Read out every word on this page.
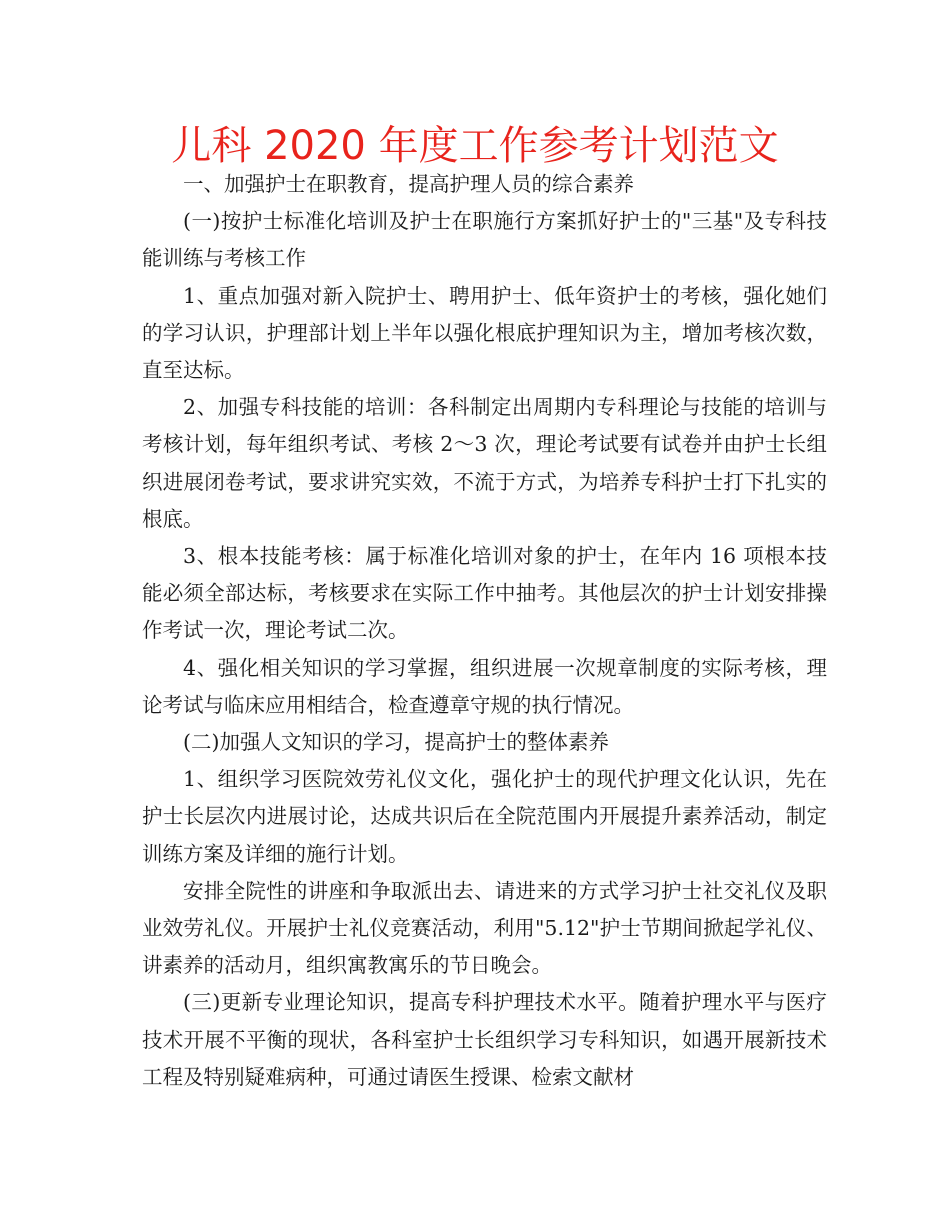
儿科 2020 年度工作参考计划范文

一、加强护士在职教育，提高护理人员的综合素养

(一)按护士标准化培训及护士在职施行方案抓好护士的"三基"及专科技能训练与考核工作

1、重点加强对新入院护士、聘用护士、低年资护士的考核，强化她们的学习认识，护理部计划上半年以强化根底护理知识为主，增加考核次数，直至达标。

2、加强专科技能的培训：各科制定出周期内专科理论与技能的培训与考核计划，每年组织考试、考核 2～3 次，理论考试要有试卷并由护士长组织进展闭卷考试，要求讲究实效，不流于方式，为培养专科护士打下扎实的根底。

3、根本技能考核：属于标准化培训对象的护士，在年内 16 项根本技能必须全部达标，考核要求在实际工作中抽考。其他层次的护士计划安排操作考试一次，理论考试二次。

4、强化相关知识的学习掌握，组织进展一次规章制度的实际考核，理论考试与临床应用相结合，检查遵章守规的执行情况。

(二)加强人文知识的学习，提高护士的整体素养

1、组织学习医院效劳礼仪文化，强化护士的现代护理文化认识，先在护士长层次内进展讨论，达成共识后在全院范围内开展提升素养活动，制定训练方案及详细的施行计划。

安排全院性的讲座和争取派出去、请进来的方式学习护士社交礼仪及职业效劳礼仪。开展护士礼仪竞赛活动，利用"5.12"护士节期间掀起学礼仪、讲素养的活动月，组织寓教寓乐的节日晚会。

(三)更新专业理论知识，提高专科护理技术水平。随着护理水平与医疗技术开展不平衡的现状，各科室护士长组织学习专科知识，如遇开展新技术工程及特别疑难病种，可通过请医生授课、检索文献材
